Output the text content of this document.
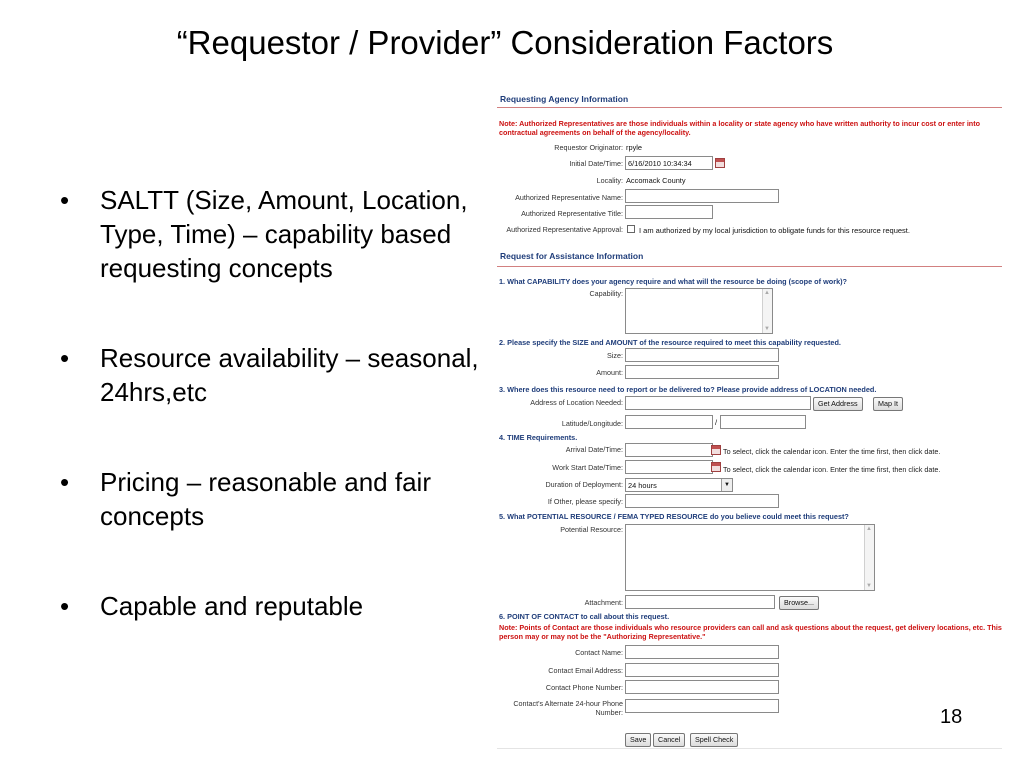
“Requestor / Provider” Consideration Factors
• SALTT (Size, Amount, Location, Type, Time) – capability based requesting concepts
• Resource availability – seasonal, 24hrs,etc
• Pricing – reasonable and fair concepts
• Capable and reputable
Requesting Agency Information
Note: Authorized Representatives are those individuals within a locality or state agency who have written authority to incur cost or enter into contractual agreements on behalf of the agency/locality.
Requestor Originator: rpyle
Initial Date/Time: 6/16/2010 10:34:34
Locality: Accomack County
Authorized Representative Name:
Authorized Representative Title:
Authorized Representative Approval: I am authorized by my local jurisdiction to obligate funds for this resource request.
Request for Assistance Information
1. What CAPABILITY does your agency require and what will the resource be doing (scope of work)?
Capability:
▲ ▼
2. Please specify the SIZE and AMOUNT of the resource required to meet this capability requested.
Size:
Amount:
3. Where does this resource need to report or be delivered to? Please provide address of LOCATION needed.
Address of Location Needed:	Get Address	Map It
Latitude/Longitude:	/
4. TIME Requirements.
Arrival Date/Time:	To select, click the calendar icon. Enter the time first, then click date.
Work Start Date/Time:	To select, click the calendar icon. Enter the time first, then click date.
Duration of Deployment: 24 hours	▼
If Other, please specify:
5. What POTENTIAL RESOURCE / FEMA TYPED RESOURCE do you believe could meet this request?
Potential Resource:
▲ ▼
Attachment:	Browse...
6. POINT OF CONTACT to call about this request.
Note: Points of Contact are those individuals who resource providers can call and ask questions about the request, get delivery locations, etc. This person may or may not be the "Authorizing Representative."
Contact Name:
Contact Email Address:
Contact Phone Number:
Contact's Alternate 24-hour Phone Number:
Save	Cancel	Spell Check
18
